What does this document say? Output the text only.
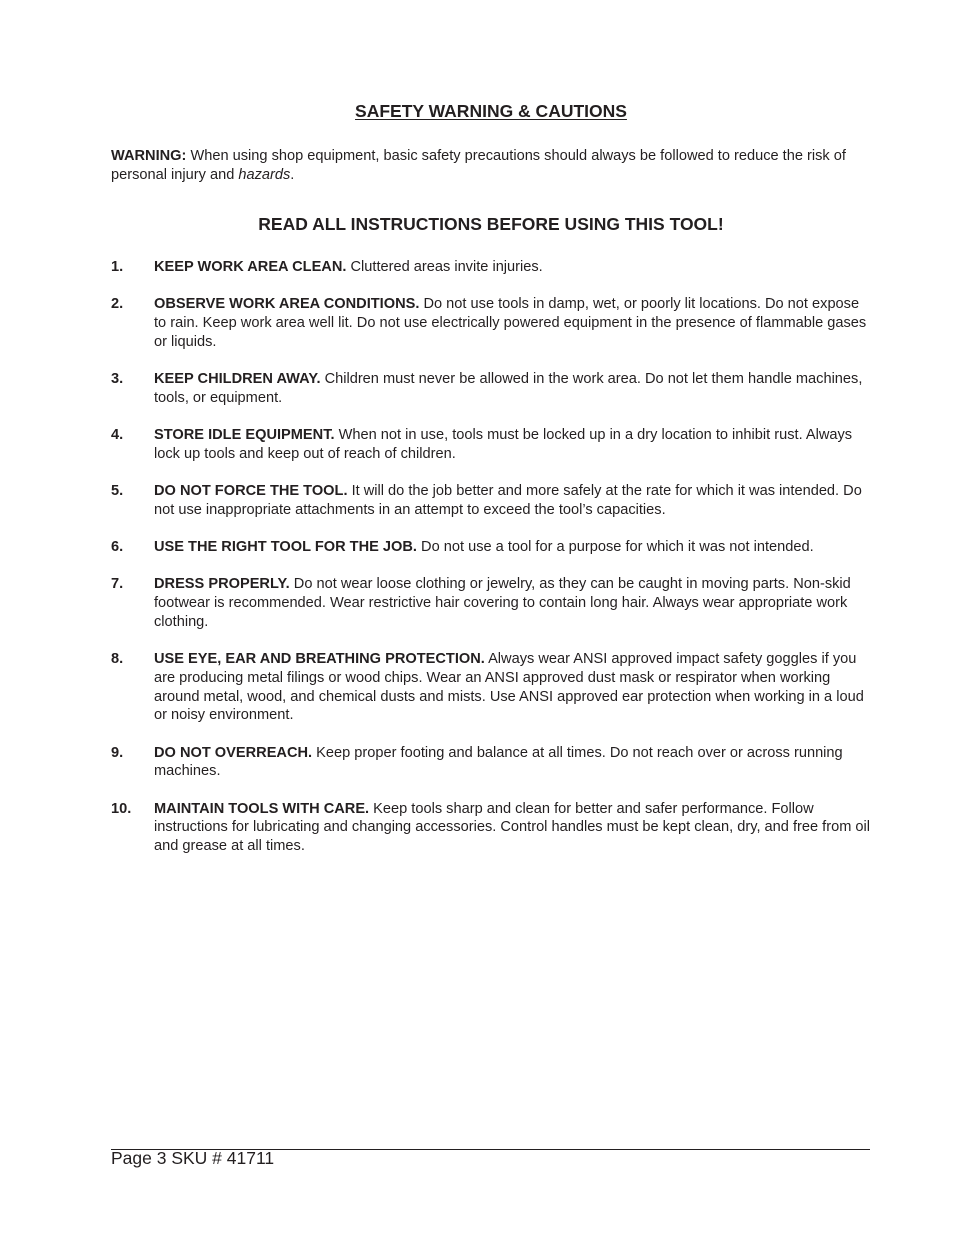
SAFETY WARNING & CAUTIONS
WARNING: When using shop equipment, basic safety precautions should always be followed to reduce the risk of personal injury and hazards.
READ ALL INSTRUCTIONS BEFORE USING THIS TOOL!
1.	KEEP WORK AREA CLEAN. Cluttered areas invite injuries.
2.	OBSERVE WORK AREA CONDITIONS. Do not use tools in damp, wet, or poorly lit locations. Do not expose to rain. Keep work area well lit. Do not use electrically powered equipment in the presence of flammable gases or liquids.
3.	KEEP CHILDREN AWAY. Children must never be allowed in the work area. Do not let them handle machines, tools, or equipment.
4.	STORE IDLE EQUIPMENT. When not in use, tools must be locked up in a dry location to inhibit rust. Always lock up tools and keep out of reach of children.
5.	DO NOT FORCE THE TOOL. It will do the job better and more safely at the rate for which it was intended. Do not use inappropriate attachments in an attempt to exceed the tool’s capacities.
6.	USE THE RIGHT TOOL FOR THE JOB. Do not use a tool for a purpose for which it was not intended.
7.	DRESS PROPERLY. Do not wear loose clothing or jewelry, as they can be caught in moving parts. Non-skid footwear is recommended. Wear restrictive hair covering to contain long hair. Always wear appropriate work clothing.
8.	USE EYE, EAR AND BREATHING PROTECTION. Always wear ANSI approved impact safety goggles if you are producing metal filings or wood chips. Wear an ANSI approved dust mask or respirator when working around metal, wood, and chemical dusts and mists. Use ANSI approved ear protection when working in a loud or noisy environment.
9.	DO NOT OVERREACH. Keep proper footing and balance at all times. Do not reach over or across running machines.
10.	MAINTAIN TOOLS WITH CARE. Keep tools sharp and clean for better and safer performance. Follow instructions for lubricating and changing accessories. Control handles must be kept clean, dry, and free from oil and grease at all times.
Page 3 SKU # 41711
